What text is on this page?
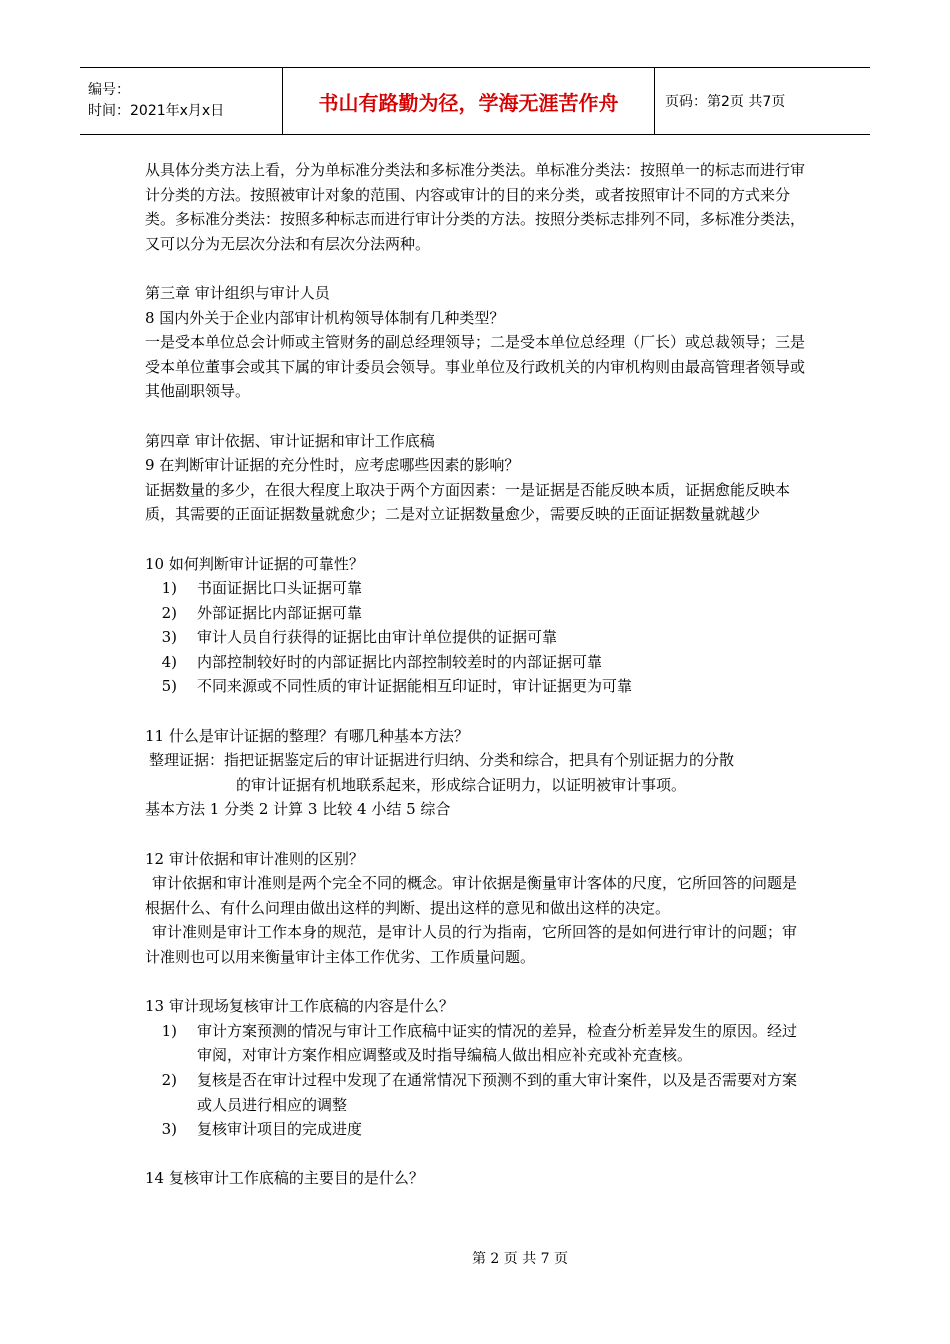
编号：
时间：2021年x月x日	书山有路勤为径，学海无涯苦作舟	页码：第2页 共7页

从具体分类方法上看，分为单标准分类法和多标准分类法。单标准分类法：按照单一的标志而进行审计分类的方法。按照被审计对象的范围、内容或审计的目的来分类，或者按照审计不同的方式来分类。多标准分类法：按照多种标志而进行审计分类的方法。按照分类标志排列不同，多标准分类法，又可以分为无层次分法和有层次分法两种。

第三章 审计组织与审计人员

8 国内外关于企业内部审计机构领导体制有几种类型？

一是受本单位总会计师或主管财务的副总经理领导；二是受本单位总经理（厂长）或总裁领导；三是受本单位董事会或其下属的审计委员会领导。事业单位及行政机关的内审机构则由最高管理者领导或其他副职领导。

第四章 审计依据、审计证据和审计工作底稿

9 在判断审计证据的充分性时，应考虑哪些因素的影响？

证据数量的多少，在很大程度上取决于两个方面因素：一是证据是否能反映本质，证据愈能反映本质，其需要的正面证据数量就愈少；二是对立证据数量愈少，需要反映的正面证据数量就越少

10 如何判断审计证据的可靠性？

1)	书面证据比口头证据可靠
2)	外部证据比内部证据可靠
3)	审计人员自行获得的证据比由审计单位提供的证据可靠
4)	内部控制较好时的内部证据比内部控制较差时的内部证据可靠
5)	不同来源或不同性质的审计证据能相互印证时，审计证据更为可靠

11 什么是审计证据的整理？有哪几种基本方法？

整理证据：指把证据鉴定后的审计证据进行归纳、分类和综合，把具有个别证据力的分散

的审计证据有机地联系起来，形成综合证明力，以证明被审计事项。

基本方法 1 分类 2 计算 3 比较 4 小结 5 综合

12 审计依据和审计准则的区别？

审计依据和审计准则是两个完全不同的概念。审计依据是衡量审计客体的尺度，它所回答的问题是根据什么、有什么问理由做出这样的判断、提出这样的意见和做出这样的决定。

审计准则是审计工作本身的规范，是审计人员的行为指南，它所回答的是如何进行审计的问题；审计准则也可以用来衡量审计主体工作优劣、工作质量问题。

13 审计现场复核审计工作底稿的内容是什么？

1)	审计方案预测的情况与审计工作底稿中证实的情况的差异，检查分析差异发生的原因。经过审阅，对审计方案作相应调整或及时指导编稿人做出相应补充或补充查核。
2)	复核是否在审计过程中发现了在通常情况下预测不到的重大审计案件，以及是否需要对方案或人员进行相应的调整
3)	复核审计项目的完成进度

14 复核审计工作底稿的主要目的是什么？

第 2 页 共 7 页
